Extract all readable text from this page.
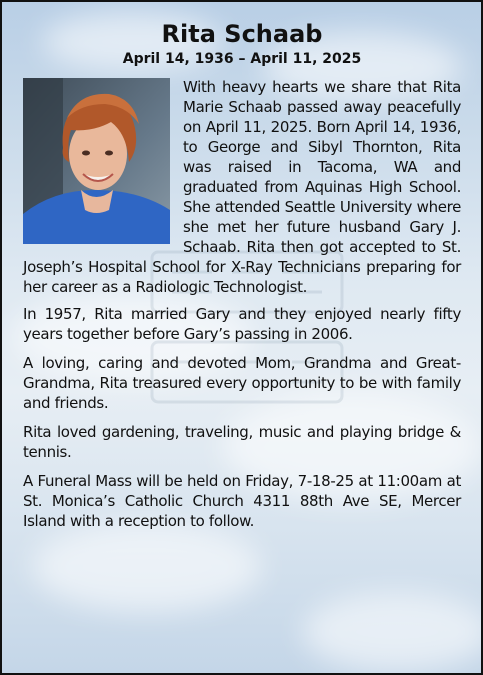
Rita Schaab
April 14, 1936 – April 11, 2025

With heavy hearts we share that Rita Marie Schaab passed away peacefully on April 11, 2025. Born April 14, 1936, to George and Sibyl Thornton, Rita was raised in Tacoma, WA and graduated from Aquinas High School. She attended Seattle University where she met her future husband Gary J. Schaab. Rita then got accepted to St. Joseph’s Hospital School for X-Ray Technicians preparing for her career as a Radiologic Technologist.

In 1957, Rita married Gary and they enjoyed nearly fifty years together before Gary’s passing in 2006.

A loving, caring and devoted Mom, Grandma and Great-Grandma, Rita treasured every opportunity to be with family and friends.

Rita loved gardening, traveling, music and playing bridge & tennis.

A Funeral Mass will be held on Friday, 7-18-25 at 11:00am at St. Monica’s Catholic Church 4311 88th Ave SE, Mercer Island with a reception to follow.
